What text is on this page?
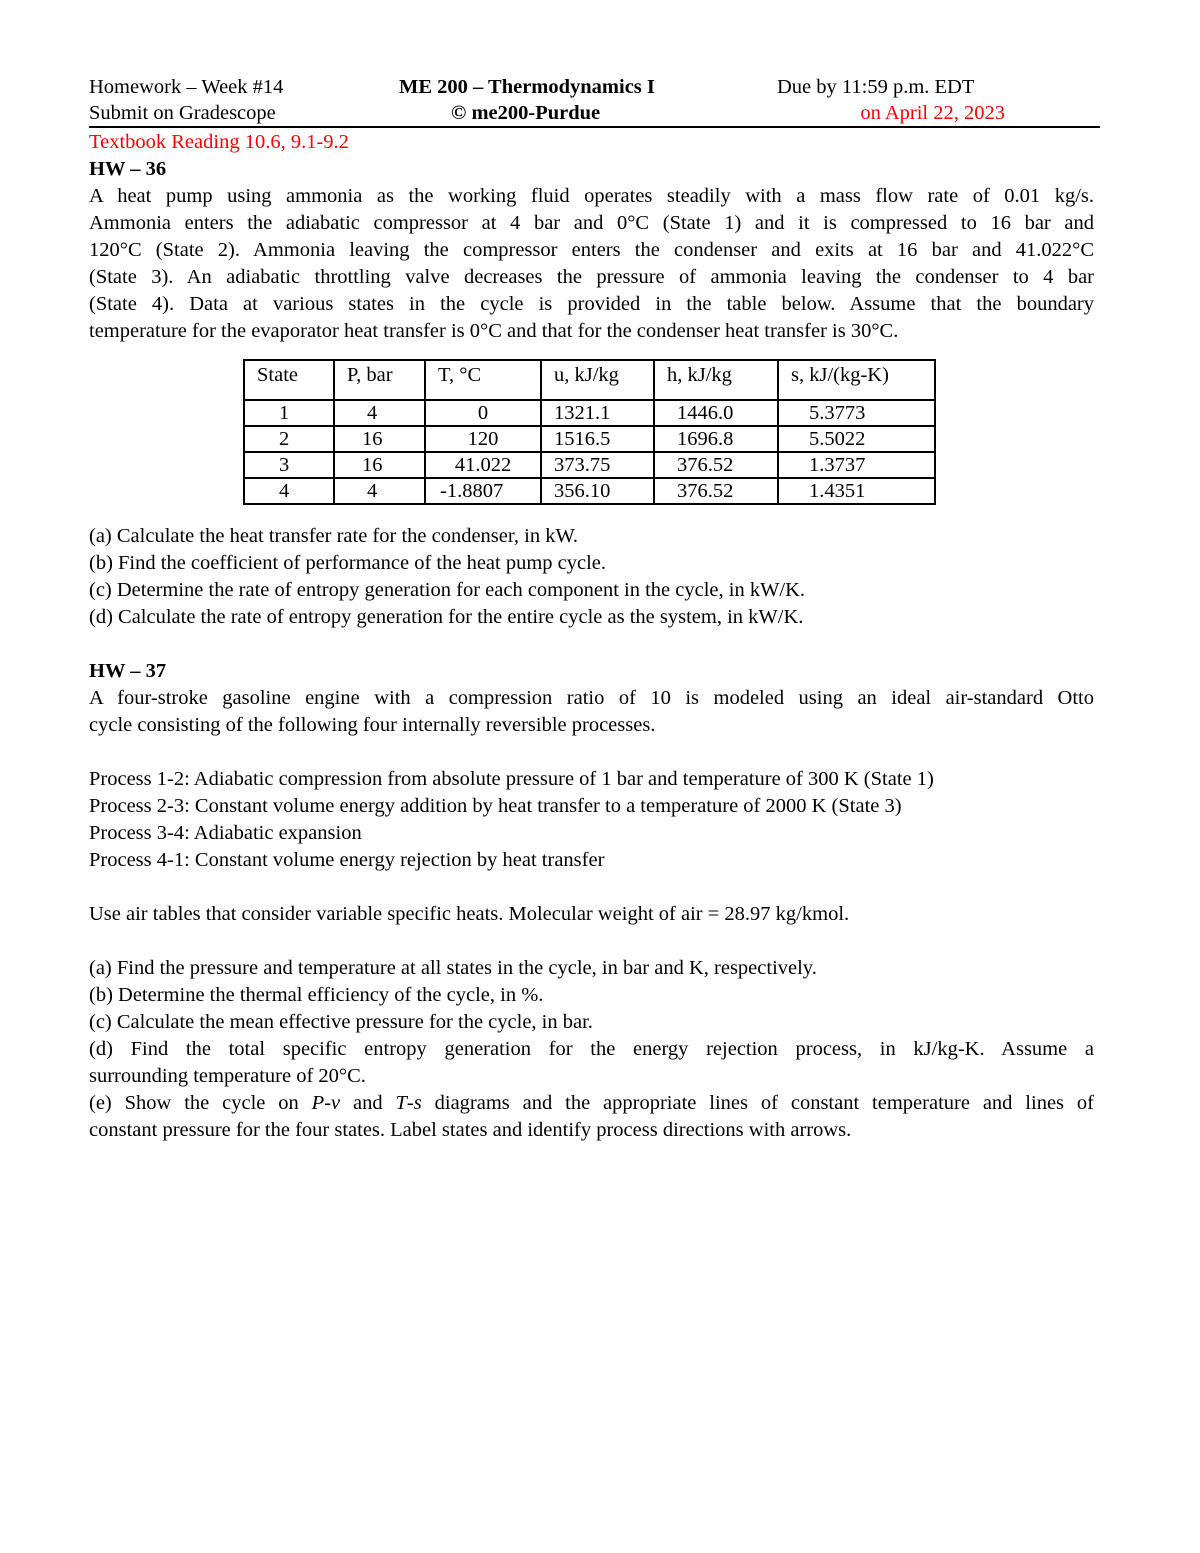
Homework – Week #14
Submit on Gradescope
ME 200 – Thermodynamics I
© me200-Purdue
Due by 11:59 p.m. EDT
on April 22, 2023
Textbook Reading 10.6, 9.1-9.2
HW – 36
A heat pump using ammonia as the working fluid operates steadily with a mass flow rate of 0.01 kg/s.
Ammonia enters the adiabatic compressor at 4 bar and 0°C (State 1) and it is compressed to 16 bar and
120°C (State 2). Ammonia leaving the compressor enters the condenser and exits at 16 bar and 41.022°C
(State 3). An adiabatic throttling valve decreases the pressure of ammonia leaving the condenser to 4 bar
(State 4). Data at various states in the cycle is provided in the table below. Assume that the boundary
temperature for the evaporator heat transfer is 0°C and that for the condenser heat transfer is 30°C.
State	P, bar	T, °C	u, kJ/kg	h, kJ/kg	s, kJ/(kg-K)
1	4	0	1321.1	1446.0	5.3773
2	16	120	1516.5	1696.8	5.5022
3	16	41.022	373.75	376.52	1.3737
4	4	-1.8807	356.10	376.52	1.4351
(a) Calculate the heat transfer rate for the condenser, in kW.
(b) Find the coefficient of performance of the heat pump cycle.
(c) Determine the rate of entropy generation for each component in the cycle, in kW/K.
(d) Calculate the rate of entropy generation for the entire cycle as the system, in kW/K.
HW – 37
A four-stroke gasoline engine with a compression ratio of 10 is modeled using an ideal air-standard Otto
cycle consisting of the following four internally reversible processes.
Process 1-2: Adiabatic compression from absolute pressure of 1 bar and temperature of 300 K (State 1)
Process 2-3: Constant volume energy addition by heat transfer to a temperature of 2000 K (State 3)
Process 3-4: Adiabatic expansion
Process 4-1: Constant volume energy rejection by heat transfer
Use air tables that consider variable specific heats. Molecular weight of air = 28.97 kg/kmol.
(a) Find the pressure and temperature at all states in the cycle, in bar and K, respectively.
(b) Determine the thermal efficiency of the cycle, in %.
(c) Calculate the mean effective pressure for the cycle, in bar.
(d) Find the total specific entropy generation for the energy rejection process, in kJ/kg-K. Assume a
surrounding temperature of 20°C.
(e) Show the cycle on P-v and T-s diagrams and the appropriate lines of constant temperature and lines of
constant pressure for the four states. Label states and identify process directions with arrows.
